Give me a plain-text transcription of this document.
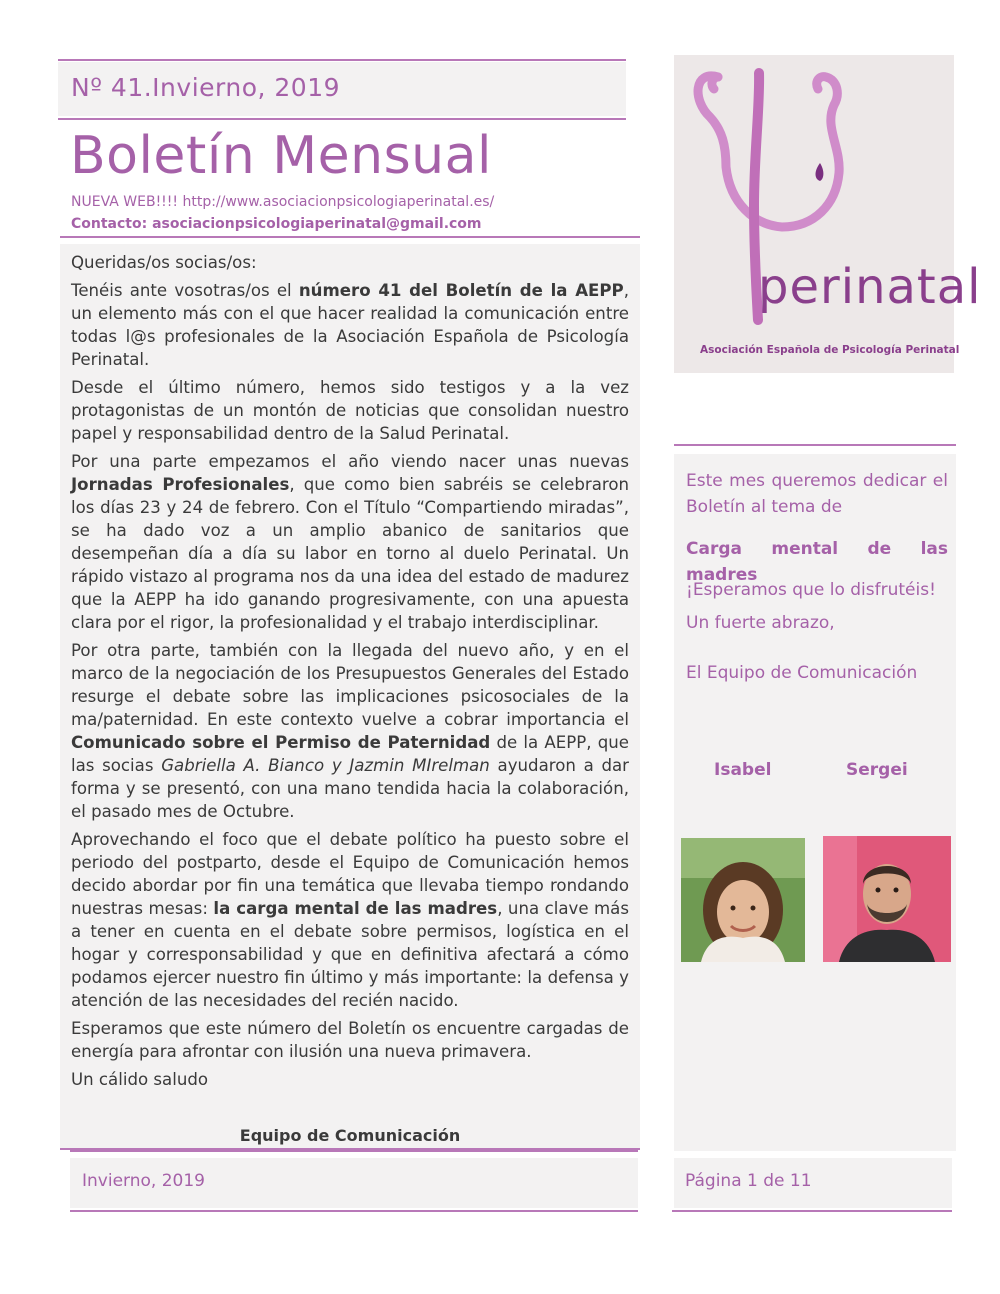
Nº 41.Invierno, 2019
Boletín Mensual
NUEVA WEB!!!! http://www.asociacionpsicologiaperinatal.es/
Contacto: asociacionpsicologiaperinatal@gmail.com

Queridas/os socias/os:

Tenéis ante vosotras/os el número 41 del Boletín de la AEPP, un elemento más con el que hacer realidad la comunicación entre todas l@s profesionales de la Asociación Española de Psicología Perinatal.

Desde el último número, hemos sido testigos y a la vez protagonistas de un montón de noticias que consolidan nuestro papel y responsabilidad dentro de la Salud Perinatal.

Por una parte empezamos el año viendo nacer unas nuevas Jornadas Profesionales, que como bien sabréis se celebraron los días 23 y 24 de febrero. Con el Título “Compartiendo miradas”, se ha dado voz a un amplio abanico de sanitarios que desempeñan día a día su labor en torno al duelo Perinatal. Un rápido vistazo al programa nos da una idea del estado de madurez que la AEPP ha ido ganando progresivamente, con una apuesta clara por el rigor, la profesionalidad y el trabajo interdisciplinar.

Por otra parte, también con la llegada del nuevo año, y en el marco de la negociación de los Presupuestos Generales del Estado resurge el debate sobre las implicaciones psicosociales de la ma/paternidad. En este contexto vuelve a cobrar importancia el Comunicado sobre el Permiso de Paternidad de la AEPP, que las socias Gabriella A. Bianco y Jazmin MIrelman ayudaron a dar forma y se presentó, con una mano tendida hacia la colaboración, el pasado mes de Octubre.

Aprovechando el foco que el debate político ha puesto sobre el periodo del postparto, desde el Equipo de Comunicación hemos decido abordar por fin una temática que llevaba tiempo rondando nuestras mesas: la carga mental de las madres, una clave más a tener en cuenta en el debate sobre permisos, logística en el hogar y corresponsabilidad y que en definitiva afectará a cómo podamos ejercer nuestro fin último y más importante: la defensa y atención de las necesidades del recién nacido.

Esperamos que este número del Boletín os encuentre cargadas de energía para afrontar con ilusión una nueva primavera.

Un cálido saludo

Equipo de Comunicación
perinatal
Asociación Española de Psicología Perinatal
Este mes queremos dedicar el Boletín al tema de
Carga mental de las madres
¡Esperamos que lo disfrutéis!
Un fuerte abrazo,
El Equipo de Comunicación
Isabel	Sergei
Invierno, 2019	Página 1 de 11
